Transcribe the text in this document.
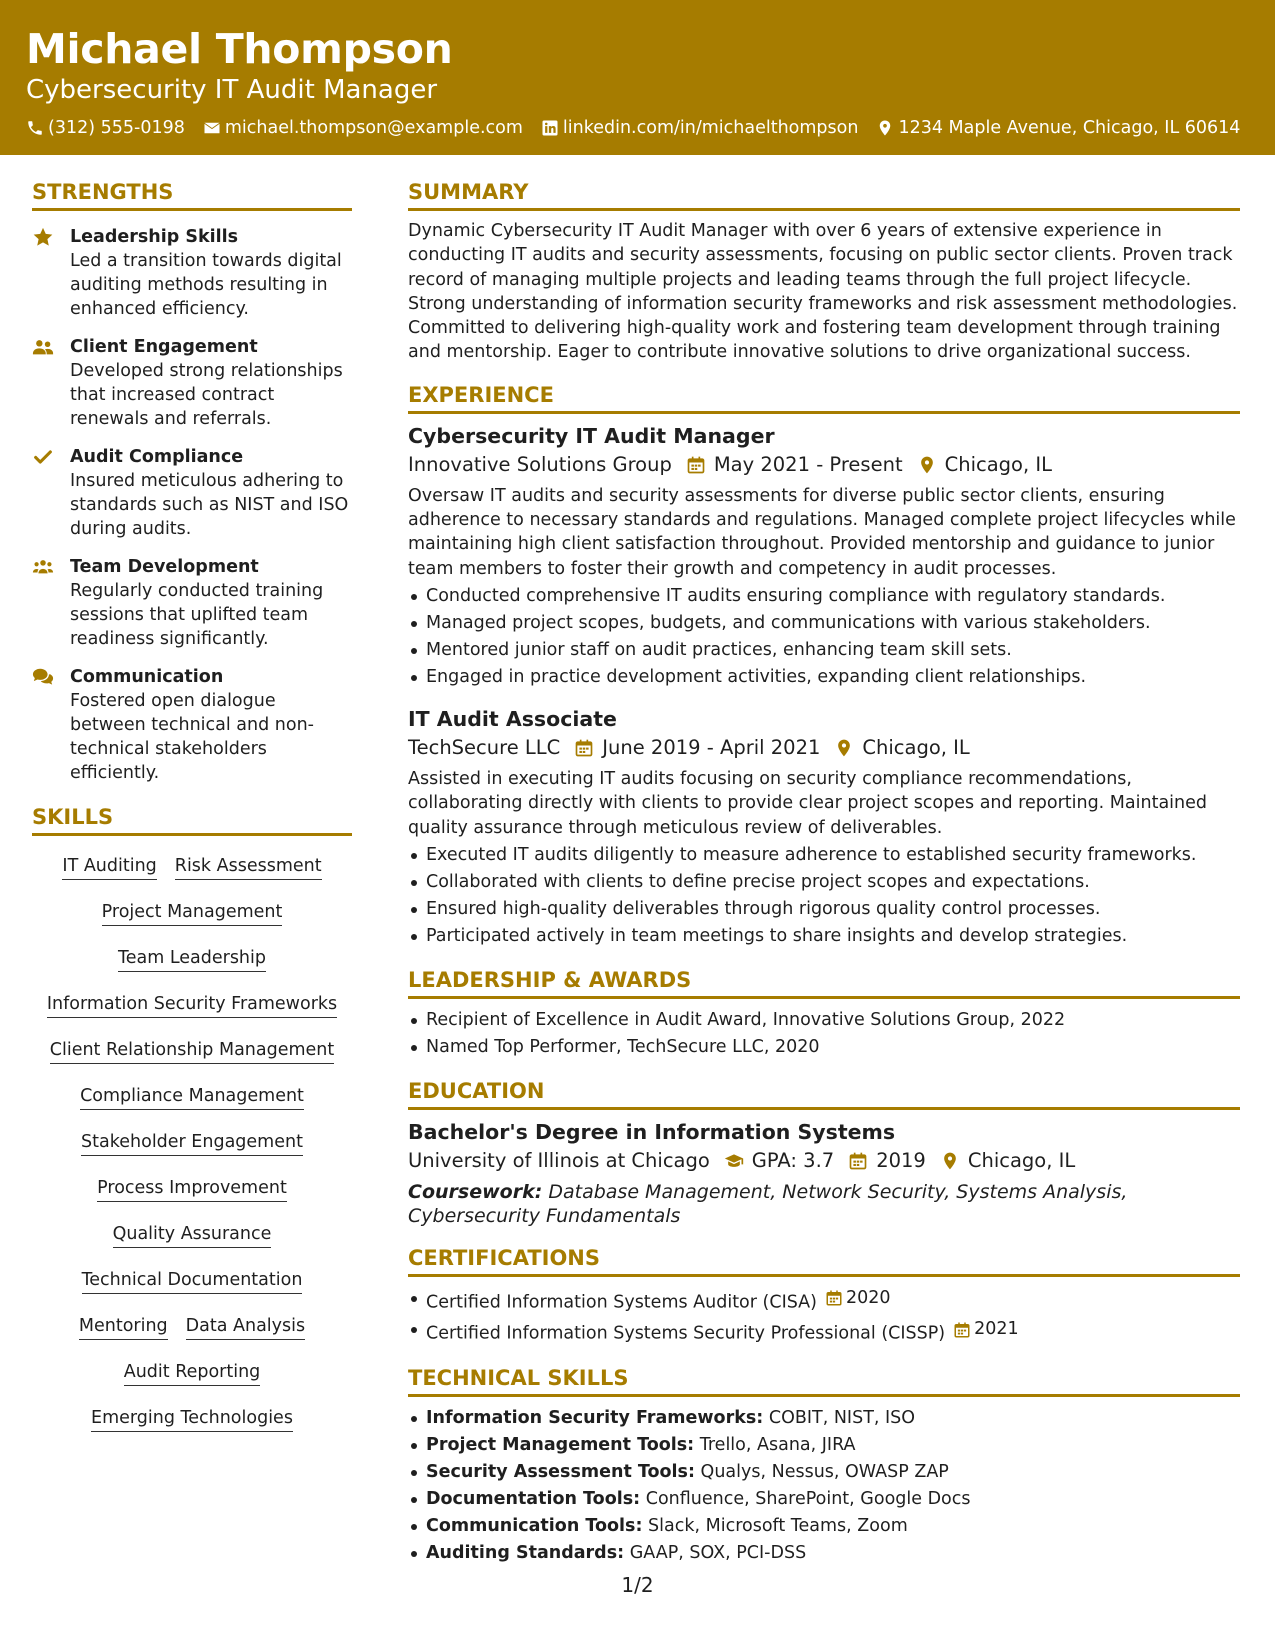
Michael Thompson
Cybersecurity IT Audit Manager
(312) 555-0198 michael.thompson@example.com linkedin.com/in/michaelthompson 1234 Maple Avenue, Chicago, IL 60614
STRENGTHS
Leadership Skills
Led a transition towards digital auditing methods resulting in enhanced efficiency.
Client Engagement
Developed strong relationships that increased contract renewals and referrals.
Audit Compliance
Insured meticulous adhering to standards such as NIST and ISO during audits.
Team Development
Regularly conducted training sessions that uplifted team readiness significantly.
Communication
Fostered open dialogue between technical and non-technical stakeholders efficiently.
SKILLS
IT Auditing Risk Assessment
Project Management
Team Leadership
Information Security Frameworks
Client Relationship Management
Compliance Management
Stakeholder Engagement
Process Improvement
Quality Assurance
Technical Documentation
Mentoring Data Analysis
Audit Reporting
Emerging Technologies
SUMMARY
Dynamic Cybersecurity IT Audit Manager with over 6 years of extensive experience in conducting IT audits and security assessments, focusing on public sector clients. Proven track record of managing multiple projects and leading teams through the full project lifecycle. Strong understanding of information security frameworks and risk assessment methodologies. Committed to delivering high-quality work and fostering team development through training and mentorship. Eager to contribute innovative solutions to drive organizational success.
EXPERIENCE
Cybersecurity IT Audit Manager
Innovative Solutions Group May 2021 - Present Chicago, IL
Oversaw IT audits and security assessments for diverse public sector clients, ensuring adherence to necessary standards and regulations. Managed complete project lifecycles while maintaining high client satisfaction throughout. Provided mentorship and guidance to junior team members to foster their growth and competency in audit processes.
Conducted comprehensive IT audits ensuring compliance with regulatory standards.
Managed project scopes, budgets, and communications with various stakeholders.
Mentored junior staff on audit practices, enhancing team skill sets.
Engaged in practice development activities, expanding client relationships.
IT Audit Associate
TechSecure LLC June 2019 - April 2021 Chicago, IL
Assisted in executing IT audits focusing on security compliance recommendations, collaborating directly with clients to provide clear project scopes and reporting. Maintained quality assurance through meticulous review of deliverables.
Executed IT audits diligently to measure adherence to established security frameworks.
Collaborated with clients to define precise project scopes and expectations.
Ensured high-quality deliverables through rigorous quality control processes.
Participated actively in team meetings to share insights and develop strategies.
LEADERSHIP & AWARDS
Recipient of Excellence in Audit Award, Innovative Solutions Group, 2022
Named Top Performer, TechSecure LLC, 2020
EDUCATION
Bachelor's Degree in Information Systems
University of Illinois at Chicago GPA: 3.7 2019 Chicago, IL
Coursework: Database Management, Network Security, Systems Analysis, Cybersecurity Fundamentals
CERTIFICATIONS
Certified Information Systems Auditor (CISA) 2020
Certified Information Systems Security Professional (CISSP) 2021
TECHNICAL SKILLS
Information Security Frameworks: COBIT, NIST, ISO
Project Management Tools: Trello, Asana, JIRA
Security Assessment Tools: Qualys, Nessus, OWASP ZAP
Documentation Tools: Confluence, SharePoint, Google Docs
Communication Tools: Slack, Microsoft Teams, Zoom
Auditing Standards: GAAP, SOX, PCI-DSS
1/2
